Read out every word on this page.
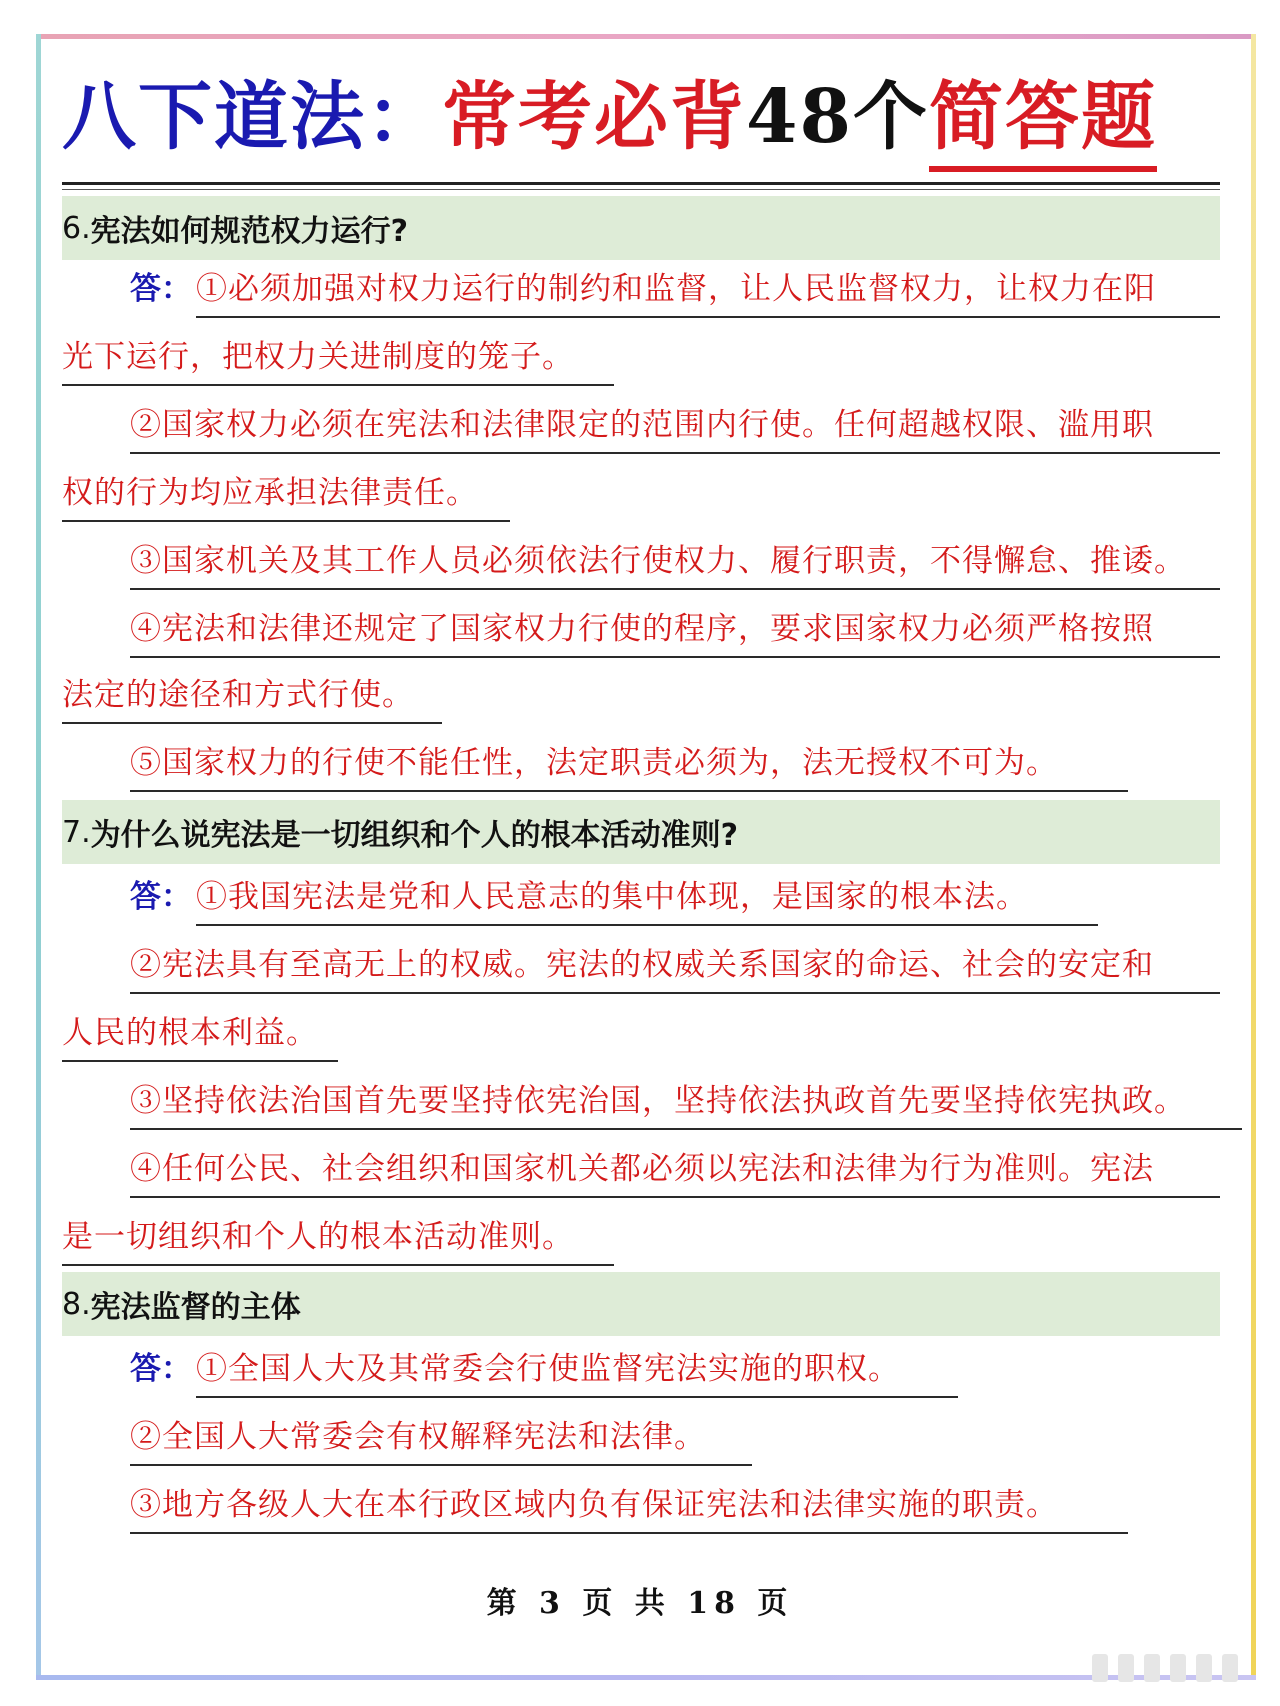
八下道法： 常考必背 48个 简答题
6. 宪法如何规范权力运行?
答： ①必须加强对权力运行的制约和监督，让人民监督权力，让权力在阳
光下运行，把权力关进制度的笼子。
②国家权力必须在宪法和法律限定的范围内行使。任何超越权限、滥用职
权的行为均应承担法律责任。
③国家机关及其工作人员必须依法行使权力、履行职责，不得懈怠、推诿。
④宪法和法律还规定了国家权力行使的程序，要求国家权力必须严格按照
法定的途径和方式行使。
⑤国家权力的行使不能任性，法定职责必须为，法无授权不可为。
7. 为什么说宪法是一切组织和个人的根本活动准则?
答： ①我国宪法是党和人民意志的集中体现，是国家的根本法。
②宪法具有至高无上的权威。宪法的权威关系国家的命运、社会的安定和
人民的根本利益。
③坚持依法治国首先要坚持依宪治国，坚持依法执政首先要坚持依宪执政。
④任何公民、社会组织和国家机关都必须以宪法和法律为行为准则。宪法
是一切组织和个人的根本活动准则。
8. 宪法监督的主体
答： ①全国人大及其常委会行使监督宪法实施的职权。
②全国人大常委会有权解释宪法和法律。
③地方各级人大在本行政区域内负有保证宪法和法律实施的职责。
第 3 页 共 18 页
